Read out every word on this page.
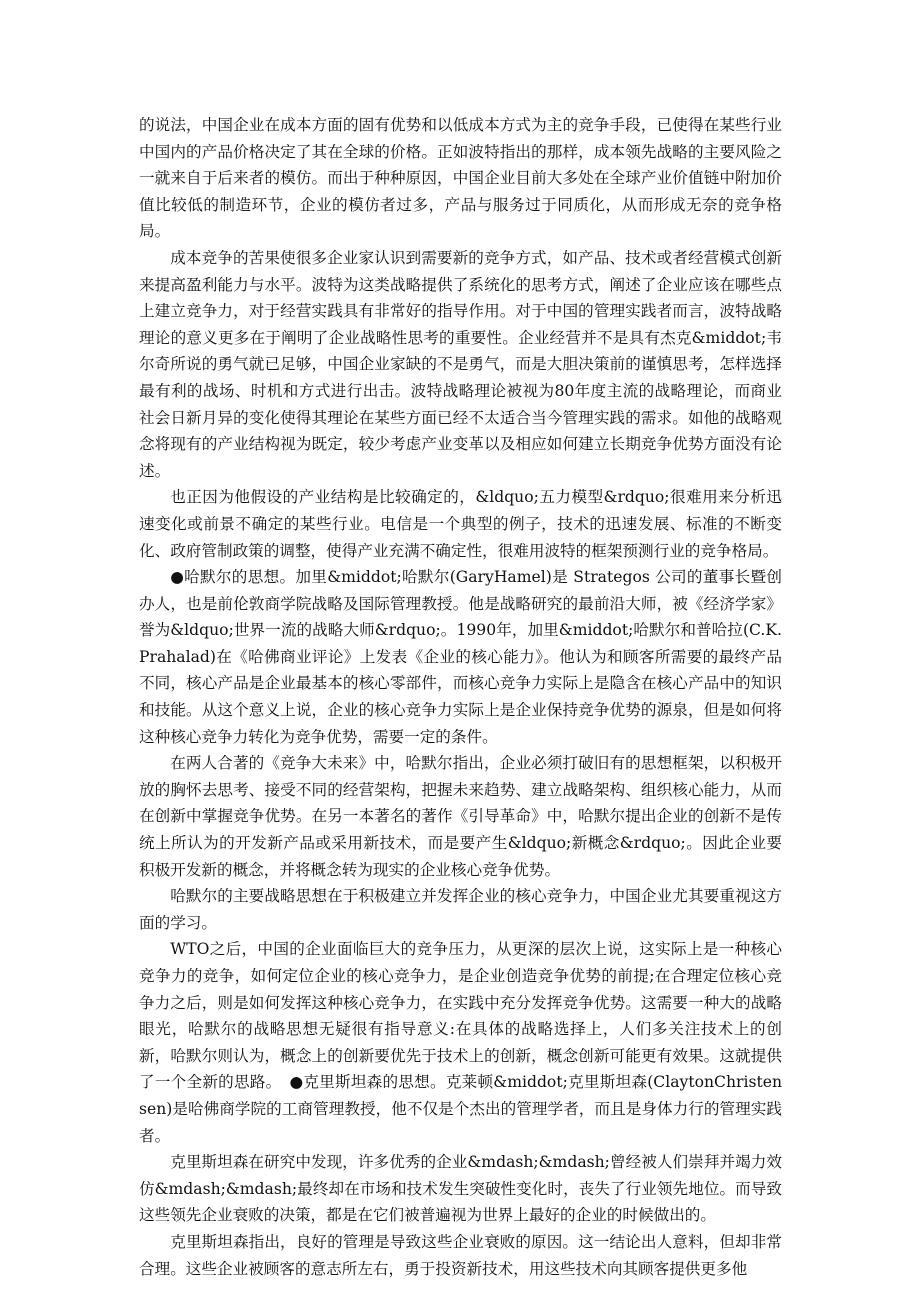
的说法，中国企业在成本方面的固有优势和以低成本方式为主的竞争手段，已使得在某些行业中国内的产品价格决定了其在全球的价格。正如波特指出的那样，成本领先战略的主要风险之一就来自于后来者的模仿。而出于种种原因，中国企业目前大多处在全球产业价值链中附加价值比较低的制造环节，企业的模仿者过多，产品与服务过于同质化，从而形成无奈的竞争格局。

成本竞争的苦果使很多企业家认识到需要新的竞争方式，如产品、技术或者经营模式创新来提高盈利能力与水平。波特为这类战略提供了系统化的思考方式，阐述了企业应该在哪些点上建立竞争力，对于经营实践具有非常好的指导作用。对于中国的管理实践者而言，波特战略理论的意义更多在于阐明了企业战略性思考的重要性。企业经营并不是具有杰克&middot;韦尔奇所说的勇气就已足够，中国企业家缺的不是勇气，而是大胆决策前的谨慎思考，怎样选择最有利的战场、时机和方式进行出击。波特战略理论被视为80年度主流的战略理论，而商业社会日新月异的变化使得其理论在某些方面已经不太适合当今管理实践的需求。如他的战略观念将现有的产业结构视为既定，较少考虑产业变革以及相应如何建立长期竞争优势方面没有论述。

也正因为他假设的产业结构是比较确定的，&ldquo;五力模型&rdquo;很难用来分析迅速变化或前景不确定的某些行业。电信是一个典型的例子，技术的迅速发展、标准的不断变化、政府管制政策的调整，使得产业充满不确定性，很难用波特的框架预测行业的竞争格局。

●哈默尔的思想。加里&middot;哈默尔(GaryHamel)是 Strategos 公司的董事长暨创办人，也是前伦敦商学院战略及国际管理教授。他是战略研究的最前沿大师，被《经济学家》誉为&ldquo;世界一流的战略大师&rdquo;。1990年，加里&middot;哈默尔和普哈拉(C.K.Prahalad)在《哈佛商业评论》上发表《企业的核心能力》。他认为和顾客所需要的最终产品不同，核心产品是企业最基本的核心零部件，而核心竞争力实际上是隐含在核心产品中的知识和技能。从这个意义上说，企业的核心竞争力实际上是企业保持竞争优势的源泉，但是如何将这种核心竞争力转化为竞争优势，需要一定的条件。

在两人合著的《竞争大未来》中，哈默尔指出，企业必须打破旧有的思想框架，以积极开放的胸怀去思考、接受不同的经营架构，把握未来趋势、建立战略架构、组织核心能力，从而在创新中掌握竞争优势。在另一本著名的著作《引导革命》中，哈默尔提出企业的创新不是传统上所认为的开发新产品或采用新技术，而是要产生&ldquo;新概念&rdquo;。因此企业要积极开发新的概念，并将概念转为现实的企业核心竞争优势。

哈默尔的主要战略思想在于积极建立并发挥企业的核心竞争力，中国企业尤其要重视这方面的学习。

WTO之后，中国的企业面临巨大的竞争压力，从更深的层次上说，这实际上是一种核心竞争力的竞争，如何定位企业的核心竞争力，是企业创造竞争优势的前提;在合理定位核心竞争力之后，则是如何发挥这种核心竞争力，在实践中充分发挥竞争优势。这需要一种大的战略眼光，哈默尔的战略思想无疑很有指导意义:在具体的战略选择上，人们多关注技术上的创新，哈默尔则认为，概念上的创新要优先于技术上的创新，概念创新可能更有效果。这就提供了一个全新的思路。　●克里斯坦森的思想。克莱顿&middot;克里斯坦森(ClaytonChristensen)是哈佛商学院的工商管理教授，他不仅是个杰出的管理学者，而且是身体力行的管理实践者。

克里斯坦森在研究中发现，许多优秀的企业&mdash;&mdash;曾经被人们崇拜并竭力效仿&mdash;&mdash;最终却在市场和技术发生突破性变化时，丧失了行业领先地位。而导致这些领先企业衰败的决策，都是在它们被普遍视为世界上最好的企业的时候做出的。

克里斯坦森指出，良好的管理是导致这些企业衰败的原因。这一结论出人意料，但却非常合理。这些企业被顾客的意志所左右，勇于投资新技术，用这些技术向其顾客提供更多他
